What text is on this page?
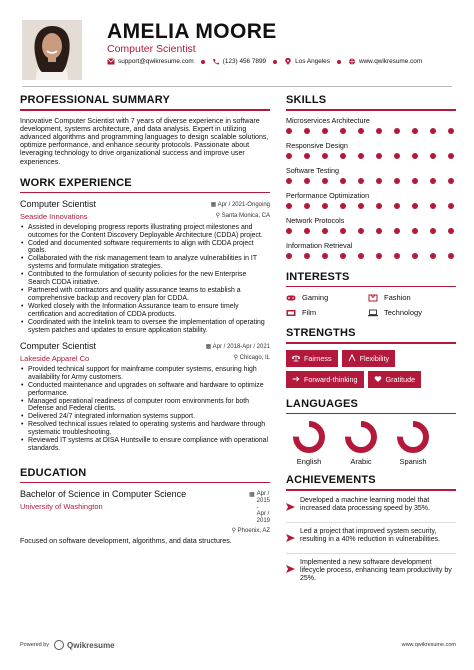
AMELIA MOORE
Computer Scientist
support@qwikresume.com	(123) 456 7899	Los Angeles	www.qwikresume.com
PROFESSIONAL SUMMARY

Innovative Computer Scientist with 7 years of diverse experience in software development, systems architecture, and data analysis. Expert in utilizing advanced algorithms and programming languages to design scalable solutions, optimize performance, and enhance security protocols. Passionate about leveraging technology to drive organizational success and improve user experiences.

WORK EXPERIENCE
Computer Scientist	▦ Apr / 2021-Ongoing
Seaside Innovations	⚲ Santa Monica, CA
• Assisted in developing progress reports illustrating project milestones and outcomes for the Content Discovery Deployable Architecture (CDDA) project.
• Coded and documented software requirements to align with CDDA project goals.
• Collaborated with the risk management team to analyze vulnerabilities in IT systems and formulate mitigation strategies.
• Contributed to the formulation of security policies for the new Enterprise Search CDDA initiative.
• Partnered with contractors and quality assurance teams to establish a comprehensive backup and recovery plan for CDDA.
• Worked closely with the Information Assurance team to ensure timely certification and accreditation of CDDA products.
• Coordinated with the Intelink team to oversee the implementation of operating system patches and updates to ensure application stability.
Computer Scientist	▦ Apr / 2018-Apr / 2021
Lakeside Apparel Co	⚲ Chicago, IL
• Provided technical support for mainframe computer systems, ensuring high availability for Army customers.
• Conducted maintenance and upgrades on software and hardware to optimize performance.
• Managed operational readiness of computer room environments for both Defense and Federal clients.
• Delivered 24/7 integrated information systems support.
• Resolved technical issues related to operating systems and hardware through systematic troubleshooting.
• Reviewed IT systems at DISA Huntsville to ensure compliance with operational standards.
EDUCATION
Bachelor of Science in Computer Science
University of Washington
▦ Apr /
2015
-
Apr /
2019
⚲ Phoenix, AZ

Focused on software development, algorithms, and data structures.

SKILLS
Microservices Architecture
Responsive Design
Software Testing
Performance Optimization
Network Protocols
Information Retrieval
INTERESTS
Gaming	Fashion
Film	Technology
STRENGTHS
Fairness	Flexibility
Forward-thinking	Gratitude
LANGUAGES
English	Arabic	Spanish
ACHIEVEMENTS
Developed a machine learning model that increased data processing speed by 35%.
Led a project that improved system security, resulting in a 40% reduction in vulnerabilities.
Implemented a new software development lifecycle process, enhancing team productivity by 25%.
Powered by Qwikresume	www.qwikresume.com
